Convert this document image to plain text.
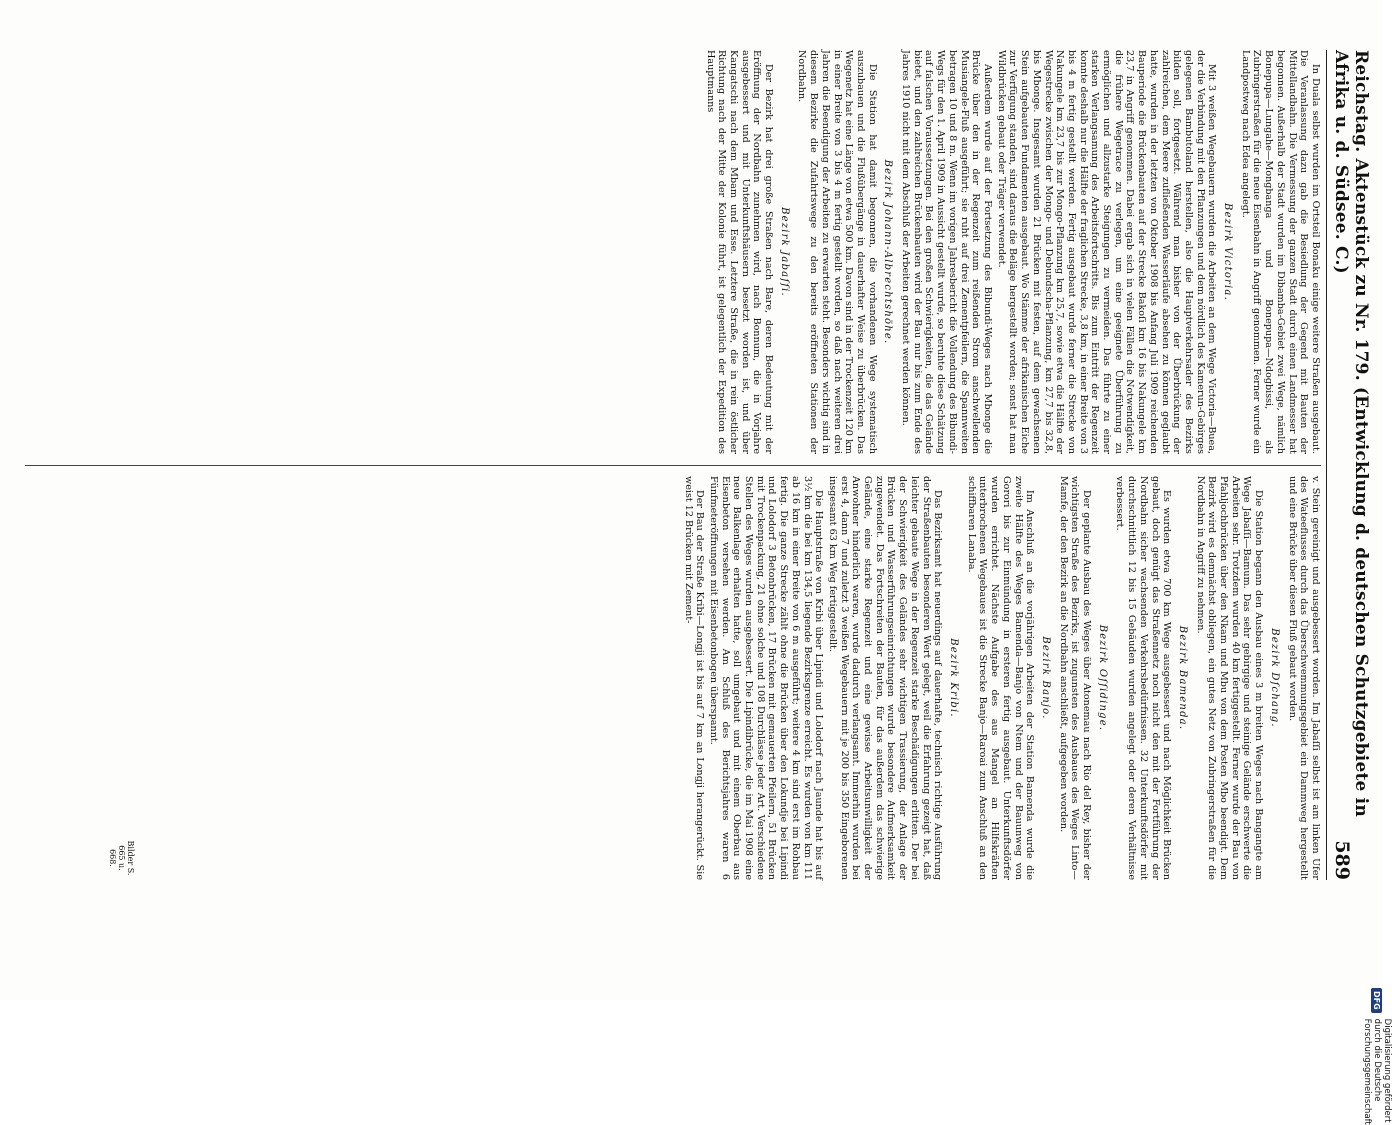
Reichstag. Aktenstück zu Nr. 179. (Entwicklung d. deutschen Schutzgebiete in Afrika u. d. Südsee. C.)
589

In Duala selbst wurden im Ortsteil Bonaku einige weitere Straßen ausgebaut. Die Veranlassung dazu gab die Besiedlung der Gegend mit Bauten der Mittellandbahn. Die Vermessung der ganzen Stadt durch einen Landmesser hat begonnen. Außerhalb der Stadt wurden im Dibamba-Gebiet zwei Wege, nämlich Bonepupa—Lungahe—Mongbanga und Bonepupa—Ndogbissi, als Zubringerstraßen für die neue Eisenbahn in Angriff genommen. Ferner wurde ein Landpostweg nach Edea angelegt.

Bezirk Victoria.

Mit 3 weißen Wegebauern wurden die Arbeiten an dem Wege Victoria—Buea, der die Verbindung mit den Pflanzungen und dem nördlich des Kamerun-Gebirges gelegenen Bambutoland herstellen, also die Hauptverkehrsader des Bezirks bilden soll, fortgesetzt. Während man bisher von der Überbrückung der zahlreichen, dem Meere zufließenden Wasserläufe absehen zu können geglaubt hatte, wurden in der letzten von Oktober 1908 bis Anfang Juli 1909 reichenden Bauperiode die Brückenbauten auf der Strecke Bakoſi km 16 bis Nakungele km 23,7 in Angriff genommen. Dabei ergab sich in vielen Fällen die Notwendigkeit, die frühere Wegetrace zu verlegen, um eine geeignete Überführung zu ermöglichen und allzustarke Steigungen zu vermeiden. Das führte zu einer starken Verlangsamung des Arbeitsfortschritts. Bis zum Eintritt der Regenzeit konnte deshalb nur die Hälfte der fraglichen Strecke, 3,8 km, in einer Breite von 3 bis 4 m fertig gestellt werden. Fertig ausgebaut wurde ferner die Strecke von Nakungele km 23,7 bis zur Mongo-Pflanzung km 25,7, sowie etwa die Hälfte der Wegestrecke zwischen der Mongo- und Debundscha-Pflanzung, km 27,7 bis 32,8, bis Mbonge. Insgesamt wurden 21 Brücken mit festen, auf dem gewachsenen Stein aufgebauten Fundamenten ausgebaut. Wo Stämme der afrikanischen Eiche zur Verfügung standen, sind daraus die Beläge hergestellt worden; sonst hat man Wildbrücken gebaut oder Träger verwendet.

Außerdem wurde auf der Fortsetzung des Bibundi-Weges nach Mbonge die Brücke über den in der Regenzeit zum reißenden Strom anschwellenden Musiangele-Fluß ausgeführt; sie ruht auf drei Zementpfeilern, die Spannweiten betragen 10 und 8 m. Wenn im vorigen Jahresbericht die Vollendung des Bibundi-Wegs für den 1. April 1909 in Aussicht gestellt wurde, so beruhte diese Schätzung auf falschen Voraussetzungen. Bei den großen Schwierigkeiten, die das Gelände bietet, und den zahlreichen Brückenbauten wird der Bau nur bis zum Ende des Jahres 1910 nicht mit dem Abschluß der Arbeiten gerechnet werden können.

Bezirk Johann-Albrechtshöhe.

Die Station hat damit begonnen, die vorhandenen Wege systematisch auszubauen und die Flußübergänge in dauerhafter Weise zu überbrücken. Das Wegenetz hat eine Länge von etwa 500 km. Davon sind in der Trockenzeit 120 km in einer Breite von 3 bis 4 m fertig gestellt worden, so daß nach weiteren drei Jahren die Beendigung der Arbeiten zu erwarten steht. Besonders wichtig sind in diesem Bezirke die Zufahrtswege zu den bereits eröffneten Stationen der Nordbahn.

Bezirk Jabaſſi.

Der Bezirk hat drei große Straßen nach Bare, deren Bedeutung mit der Eröffnung der Nordbahn zunehmen wird, nach Bonnum, die in Vorjahre ausgebessert und mit Unterkunftshäusern besetzt worden ist, und über Kangatschi nach dem Mbam und Esse. Letztere Straße, die in rein östlicher Richtung nach der Mitte der Kolonie führt, ist gelegentlich der Expedition des Hauptmanns

v. Stein gereinigt und ausgebessert worden. Im Jabaſſi selbst ist am linken Ufer des Wateeflusses durch das Überschwemmungsgebiet ein Dammweg hergestellt und eine Brücke über diesen Fluß gebaut worden.

Bezirk Dſchang.

Die Station begann den Ausbau eines 3 m breiten Weges nach Bangangte am Wege Jabaſſi—Bamum. Das sehr gebirgige und steinige Gelände erschwerte die Arbeiten sehr. Trotzdem wurden 40 km fertiggestellt. Ferner wurde der Bau von Pfahljochbrücken über den Nkam und Mbu von dem Posten Mbo beendigt. Dem Bezirk wird es demnächst obliegen, ein gutes Netz von Zubringerstraßen für die Nordbahn in Angriff zu nehmen.

Bezirk Bamenda.

Es wurden etwa 700 km Wege ausgebessert und nach Möglichkeit Brücken gebaut, doch genügt das Straßennetz noch nicht den mit der Fortführung der Nordbahn sicher wachsenden Verkehrsbedürfnissen. 32 Unterkunftsdörfer mit durchschnittlich 12 bis 15 Gebäuden wurden angelegt oder deren Verhältnisse verbessert.

Bezirk Oſſidinge.

Der geplante Ausbau des Weges über Atonemau nach Rio del Rey, bisher der wichtigsten Straße des Bezirks, ist zugunsten des Ausbaues des Weges Linto—Mamfe, der den Bezirk an die Nordbahn anschließt, aufgegeben worden.

Bezirk Banjo.

Im Anschluß an die vorjährigen Arbeiten der Station Bamenda wurde die zweite Hälfte des Weges Bamenda—Banjo von Ntem und der Bauunweg von Gorori bis zur Einmündung in ersteren fertig ausgebaut. Unterkunftsdörfer wurden errichtet. Nächste Aufgabe des aus Mangel an Hilfskräften unterbrochenen Wegebaues ist die Strecke Banjo—Raroai zum Anschluß an den schiffbaren Lanaba.

Bezirk Kribi.

Das Bezirksamt hat neuerdings auf dauerhafte, technisch richtige Ausführung der Straßenbauten besonderen Wert gelegt, weil die Erfahrung gezeigt hat, daß leichter gebaute Wege in der Regenzeit starke Beschädigungen erlitten. Der bei der Schwierigkeit des Geländes sehr wichtigen Trassierung, der Anlage der Brücken und Wasserführungseinrichtungen wurde besondere Aufmerksamkeit zugewendet. Das Fortschreiten der Bauten, für das außerdem das schwierige Gelände, eine starke Regenzeit und eine gewisse Arbeitsunwilligkeit der Anwohner hinderlich waren, wurde dadurch verlangsamt. Immerhin wurden bei erst 4, dann 7 und zuletzt 3 weißen Wegebauern mit je 200 bis 350 Eingeborenen insgesamt 63 km Weg fertiggestellt.

Die Hauptstraße von Kribi über Lipindi und Lolodorf nach Jaunde hat bis auf 3½ km die bei km 134,5 liegende Bezirksgrenze erreicht. Es wurden von km 111 ab 16 km in einer Breite von 6 m ausgeführt; weitere 4 km sind erst im Rohbau fertig. Die ganze Strecke zählt ohne die Brücken über den Lokundje bei Lipindi und Lolodorf 3 Betonbrücken, 17 Brücken mit gemauerten Pfeilern, 51 Brücken mit Trockenpackung, 21 ohne solche und 108 Durchlässe jeder Art. Verschiedene Stellen des Weges wurden ausgebessert. Die Lipindibrücke, die im Mai 1908 eine neue Balkenlage erhalten hatte, soll umgebaut und mit einem Oberbau aus Eisenbeton versehen werden. Am Schluß des Berichtsjahres waren 6 Fünfmeteröffnungen mit Eisenbetonbogen überspannt.

Der Bau der Straße Kribi—Longji ist bis auf 7 km an Longji herangerückt. Sie weist 12 Brücken mit Zement-

Bilder S. 665 u. 668.
DFG
Digitalisierung gefördert durch die Deutsche Forschungsgemeinschaft
